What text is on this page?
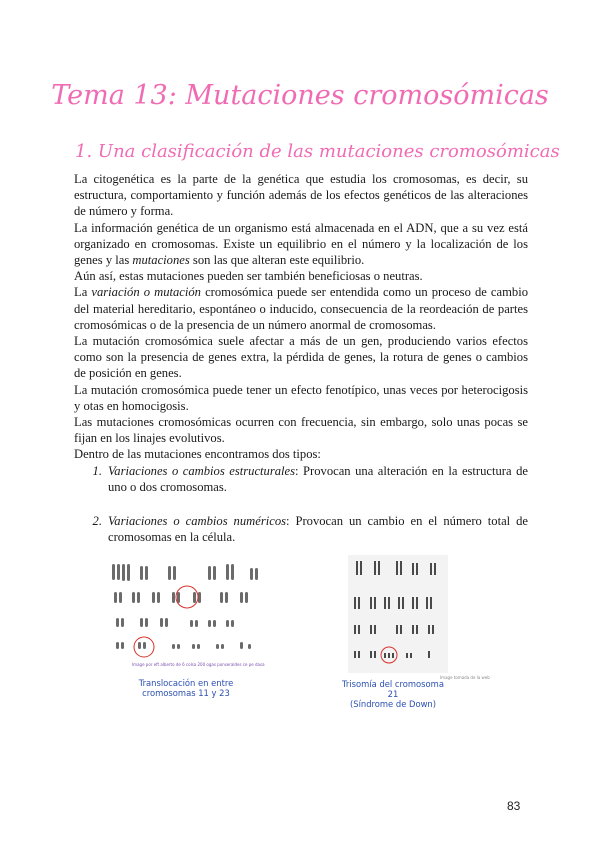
Tema 13: Mutaciones cromosómicas
1. Una clasificación de las mutaciones cromosómicas

La citogenética es la parte de la genética que estudia los cromosomas, es decir, su estructura, comportamiento y función además de los efectos genéticos de las alteraciones de número y forma.

La información genética de un organismo está almacenada en el ADN, que a su vez está organizado en cromosomas. Existe un equilibrio en el número y la localización de los genes y las mutaciones son las que alteran este equilibrio.

Aún así, estas mutaciones pueden ser también beneficiosas o neutras.

La variación o mutación cromosómica puede ser entendida como un proceso de cambio del material hereditario, espontáneo o inducido, consecuencia de la reordeación de partes cromosómicas o de la presencia de un número anormal de cromosomas.

La mutación cromosómica suele afectar a más de un gen, produciendo varios efectos como son la presencia de genes extra, la pérdida de genes, la rotura de genes o cambios de posición en genes.

La mutación cromosómica puede tener un efecto fenotípico, unas veces por heterocigosis y otas en homocigosis.

Las mutaciones cromosómicas ocurren con frecuencia, sin embargo, solo unas pocas se fijan en los linajes evolutivos.

Dentro de las mutaciones encontramos dos tipos:

1. Variaciones o cambios estructurales: Provocan una alteración en la estructura de uno o dos cromosomas.
2. Variaciones o cambios numéricos: Provocan un cambio en el número total de cromosomas en la célula.
Image por eft alberto de 6 colsa 200 ogas ponseraldes ce pe dasa
Translocación en entre
cromosomas 11 y 23
Image tomada de la web
Trisomía del cromosoma 21
(Síndrome de Down)
83
